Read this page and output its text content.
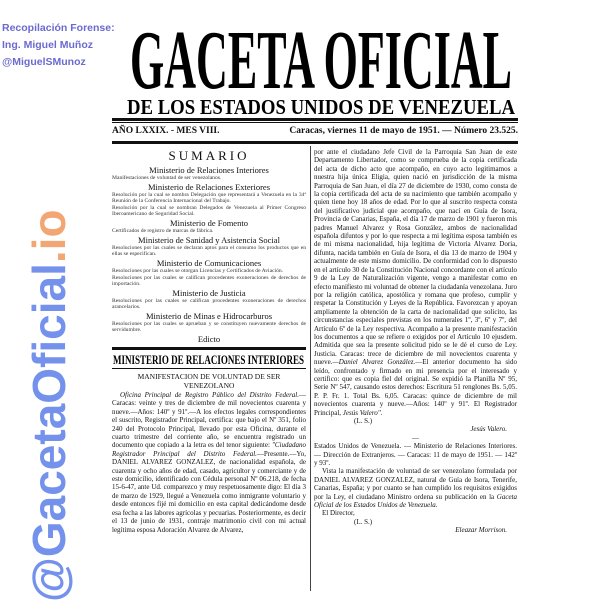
Recopilación Forense:
Ing. Miguel Muñoz
@MiguelSMunoz GACETA OFICIAL
DE LOS ESTADOS UNIDOS DE VENEZUELA
AÑO LXXIX. - MES VIII.	Caracas, viernes 11 de mayo de 1951. — Número 23.525.
SUMARIO
Ministerio de Relaciones Interiores
Manifestaciones de voluntad de ser venezolanos.
Ministerio de Relaciones Exteriores
Resolución por la cual se nombra Delegación que representará a Venezuela en la 34ª Reunión de la Conferencia Internacional del Trabajo.
Resolución por la cual se nombran Delegados de Venezuela al Primer Congreso Iberoamericano de Seguridad Social.
Ministerio de Fomento
Certificados de registro de marcas de fábrica.
Ministerio de Sanidad y Asistencia Social
Resoluciones por las cuales se declaran aptos para el consumo los productos que en ellas se especifican.
Ministerio de Comunicaciones
Resoluciones por las cuales se otorgan Licencias y Certificados de Aviación.
Resoluciones por las cuales se califican procedentes exoneraciones de derechos de importación.
Ministerio de Justicia
Resoluciones por las cuales se califican procedentes exoneraciones de derechos arancelarios.
Ministerio de Minas e Hidrocarburos
Resoluciones por las cuales se aprueban y se constituyen nuevamente derechos de servidumbre.
Edicto
MINISTERIO DE RELACIONES INTERIORES
MANIFESTACION DE VOLUNTAD DE SER VENEZOLANO

Oficina Principal de Registro Público del Distrito Federal.—Caracas: veinte y tres de diciembre de mil novecientos cuarenta y nueve.—Años: 140º y 91º.—A los efectos legales correspondientes el suscrito, Registrador Principal, certifica: que bajo el Nº 351, folio 240 del Protocolo Principal, llevado por esta Oficina, durante el cuarto trimestre del corriente año, se encuentra registrado un documento que copiado a la letra es del tenor siguiente: "Ciudadano Registrador Principal del Distrito Federal.—Presente.—Yo, DANIEL ALVAREZ GONZALEZ, de nacionalidad española, de cuarenta y ocho años de edad, casado, agricultor y comerciante y de este domicilio, identificado con Cédula personal Nº 06.218, de fecha 15-6-47, ante Ud. comparezco y muy respetuosamente digo: El día 3 de marzo de 1929, llegué a Venezuela como inmigrante voluntario y desde entonces fijé mi domicilio en esta capital dedicándome desde esa fecha a las labores agrícolas y pecuarias. Posteriormente, es decir el 13 de junio de 1931, contraje matrimonio civil con mi actual legítima esposa Adoración Alvarez de Alvarez,

por ante el ciudadano Jefe Civil de la Parroquia San Juan de este Departamento Libertador, como se comprueba de la copia certificada del acta de dicho acto que acompaño, en cuyo acto legitimamos a nuestra hija única Eligia, quien nació en jurisdicción de la misma Parroquia de San Juan, el día 27 de diciembre de 1930, como consta de la copia certificada del acta de su nacimiento que también acompaño y quien tiene hoy 18 años de edad. Por lo que al suscrito respecta consta del justificativo judicial que acompaño, que nací en Guía de Isora, Provincia de Canarias, España, el día 17 de marzo de 1901 y fueron mis padres Manuel Alvarez y Rosa González, ambos de nacionalidad española difuntos y por lo que respecta a mi legítima esposa también es de mi misma nacionalidad, hija legítima de Victoria Alvarez Doria, difunta, nacida también en Guía de Isora, el día 13 de marzo de 1904 y actualmente de este mismo domicilio. De conformidad con lo dispuesto en el artículo 30 de la Constitución Nacional concordante con el artículo 9 de la Ley de Naturalización vigente, vengo a manifestar como en efecto manifiesto mi voluntad de obtener la ciudadanía venezolana. Juro por la religión católica, apostólica y romana que profeso, cumplir y respetar la Constitución y Leyes de la República. Favorezcan y apoyan ampliamente la obtención de la carta de nacionalidad que solicito, las circunstancias especiales previstas en los numerales 1º, 3º, 6º y 7º, del Artículo 6º de la Ley respectiva. Acompaño a la presente manifestación los documentos a que se refiere o exigidos por el Artículo 10 ejusdem. Admitida que sea la presente solicitud pido se le dé el curso de Ley. Justicia. Caracas: trece de diciembre de mil novecientos cuarenta y nueve.—Daniel Alvarez González.—El anterior documento ha sido leído, confrontado y firmado en mi presencia por el interesado y certifico: que es copia fiel del original. Se expidió la Planilla Nº 95, Serie Nº 547, causando estos derechos: Escritura 51 renglones Bs. 5,05. P. P. Fr. 1. Total Bs. 6,05. Caracas: quince de diciembre de mil novecientos cuarenta y nueve.—Años: 140º y 91º. El Registrador Principal, Jesús Valero".
(L. S.)
Jesús Valero.
—
Estados Unidos de Venezuela. — Ministerio de Relaciones Interiores. — Dirección de Extranjeros. — Caracas: 11 de mayo de 1951. — 142º y 93º.

Vista la manifestación de voluntad de ser venezolano formulada por DANIEL ALVAREZ GONZALEZ, natural de Guía de Isora, Tenerife, Canarias, España; y por cuanto se han cumplido los requisitos exigidos por la Ley, el ciudadano Ministro ordena su publicación en la Gaceta Oficial de los Estados Unidos de Venezuela.

El Director,

(L. S.)
Eleazar Morrison.
@GacetaOficial.io
